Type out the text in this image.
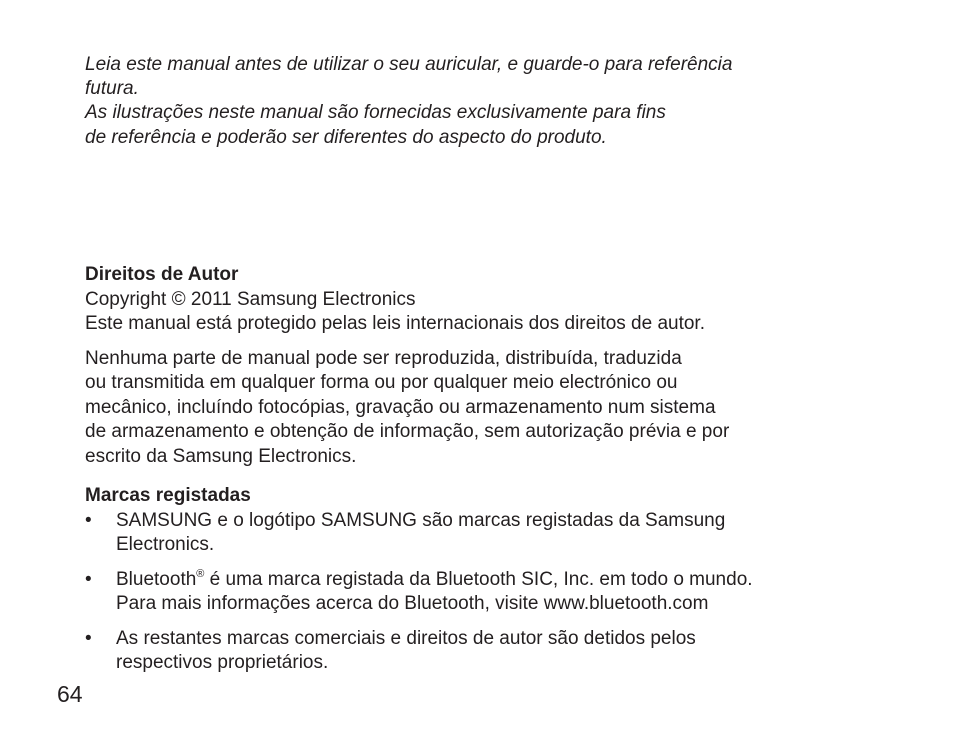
Leia este manual antes de utilizar o seu auricular, e guarde-o para referência
futura.

As ilustrações neste manual são fornecidas exclusivamente para fins
de referência e poderão ser diferentes do aspecto do produto.

Direitos de Autor

Copyright © 2011 Samsung Electronics
Este manual está protegido pelas leis internacionais dos direitos de autor.

Nenhuma parte de manual pode ser reproduzida, distribuída, traduzida
ou transmitida em qualquer forma ou por qualquer meio electrónico ou
mecânico, incluíndo fotocópias, gravação ou armazenamento num sistema
de armazenamento e obtenção de informação, sem autorização prévia e por
escrito da Samsung Electronics.

Marcas registadas

• SAMSUNG e o logótipo SAMSUNG são marcas registadas da Samsung
Electronics.
• Bluetooth® é uma marca registada da Bluetooth SIC, Inc. em todo o mundo.
Para mais informações acerca do Bluetooth, visite www.bluetooth.com
• As restantes marcas comerciais e direitos de autor são detidos pelos
respectivos proprietários.
64
